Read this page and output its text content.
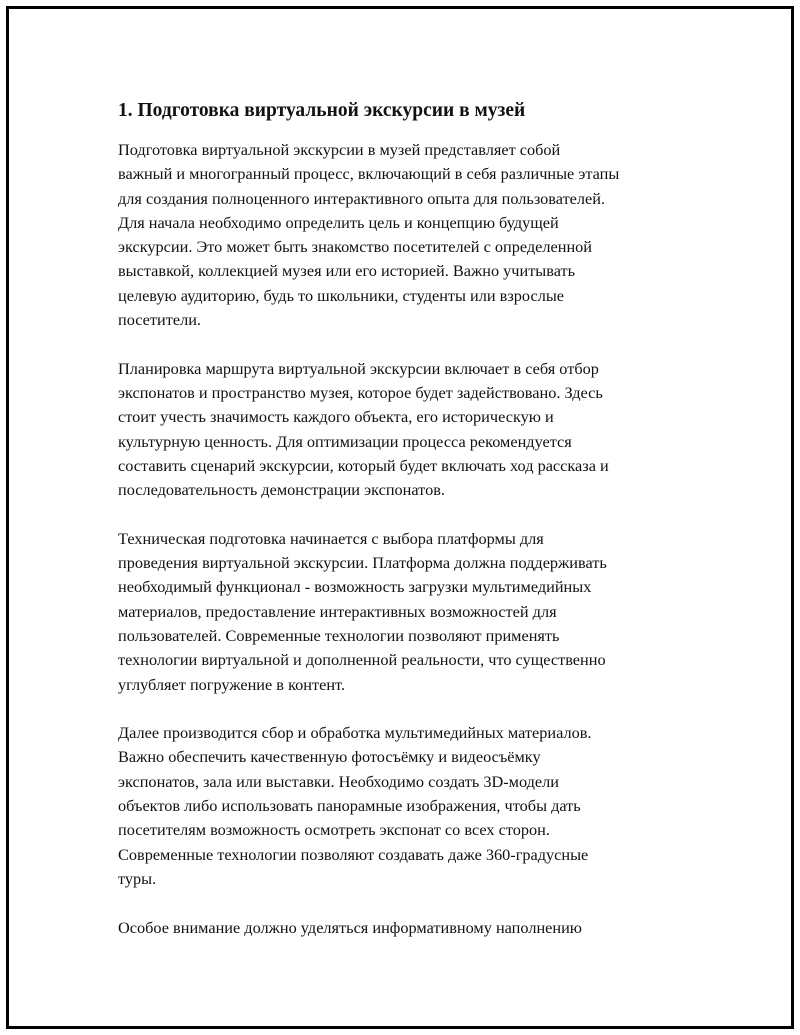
1. Подготовка виртуальной экскурсии в музей
Подготовка виртуальной экскурсии в музей представляет собой
важный и многогранный процесс, включающий в себя различные этапы
для создания полноценного интерактивного опыта для пользователей.
Для начала необходимо определить цель и концепцию будущей
экскурсии. Это может быть знакомство посетителей с определенной
выставкой, коллекцией музея или его историей. Важно учитывать
целевую аудиторию, будь то школьники, студенты или взрослые
посетители.
Планировка маршрута виртуальной экскурсии включает в себя отбор
экспонатов и пространство музея, которое будет задействовано. Здесь
стоит учесть значимость каждого объекта, его историческую и
культурную ценность. Для оптимизации процесса рекомендуется
составить сценарий экскурсии, который будет включать ход рассказа и
последовательность демонстрации экспонатов.
Техническая подготовка начинается с выбора платформы для
проведения виртуальной экскурсии. Платформа должна поддерживать
необходимый функционал - возможность загрузки мультимедийных
материалов, предоставление интерактивных возможностей для
пользователей. Современные технологии позволяют применять
технологии виртуальной и дополненной реальности, что существенно
углубляет погружение в контент.
Далее производится сбор и обработка мультимедийных материалов.
Важно обеспечить качественную фотосъёмку и видеосъёмку
экспонатов, зала или выставки. Необходимо создать 3D-модели
объектов либо использовать панорамные изображения, чтобы дать
посетителям возможность осмотреть экспонат со всех сторон.
Современные технологии позволяют создавать даже 360-градусные
туры.
Особое внимание должно уделяться информативному наполнению
